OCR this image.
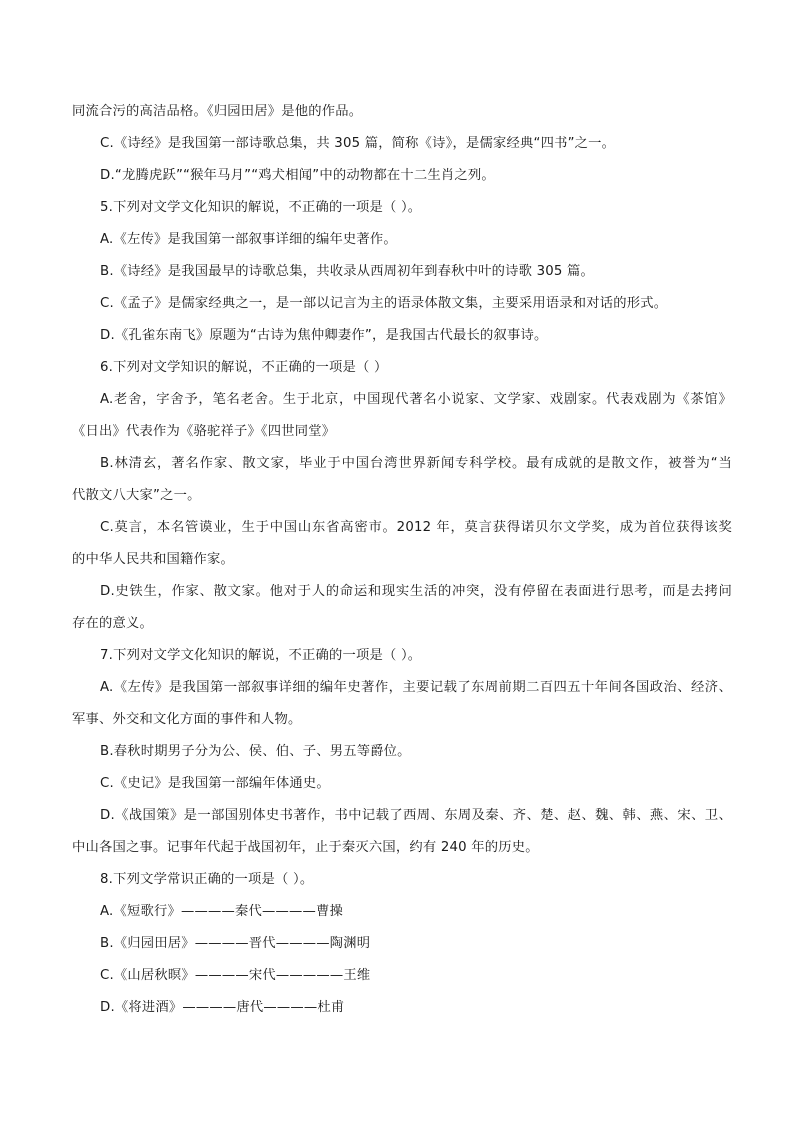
同流合污的高洁品格。《归园田居》是他的作品。
C.《诗经》是我国第一部诗歌总集，共 305 篇，简称《诗》，是儒家经典“四书”之一。
D.“龙腾虎跃”“猴年马月”“鸡犬相闻”中的动物都在十二生肖之列。
5.下列对文学文化知识的解说，不正确的一项是（ ）。
A.《左传》是我国第一部叙事详细的编年史著作。
B.《诗经》是我国最早的诗歌总集，共收录从西周初年到春秋中叶的诗歌 305 篇。
C.《孟子》是儒家经典之一，是一部以记言为主的语录体散文集，主要采用语录和对话的形式。
D.《孔雀东南飞》原题为“古诗为焦仲卿妻作”，是我国古代最长的叙事诗。
6.下列对文学知识的解说，不正确的一项是（ ）
A.老舍，字舍予，笔名老舍。生于北京，中国现代著名小说家、文学家、戏剧家。代表戏剧为《茶馆》
《日出》代表作为《骆驼祥子》《四世同堂》
B.林清玄，著名作家、散文家，毕业于中国台湾世界新闻专科学校。最有成就的是散文作，被誉为“当
代散文八大家”之一。
C.莫言，本名管谟业，生于中国山东省高密市。2012 年，莫言获得诺贝尔文学奖，成为首位获得该奖
的中华人民共和国籍作家。
D.史铁生，作家、散文家。他对于人的命运和现实生活的冲突，没有停留在表面进行思考，而是去拷问
存在的意义。
7.下列对文学文化知识的解说，不正确的一项是（ ）。
A.《左传》是我国第一部叙事详细的编年史著作，主要记载了东周前期二百四五十年间各国政治、经济、
军事、外交和文化方面的事件和人物。
B.春秋时期男子分为公、侯、伯、子、男五等爵位。
C.《史记》是我国第一部编年体通史。
D.《战国策》是一部国别体史书著作，书中记载了西周、东周及秦、齐、楚、赵、魏、韩、燕、宋、卫、
中山各国之事。记事年代起于战国初年，止于秦灭六国，约有 240 年的历史。
8.下列文学常识正确的一项是（ ）。
A.《短歌行》————秦代————曹操
B.《归园田居》————晋代————陶渊明
C.《山居秋暝》————宋代—————王维
D.《将进酒》————唐代————杜甫
